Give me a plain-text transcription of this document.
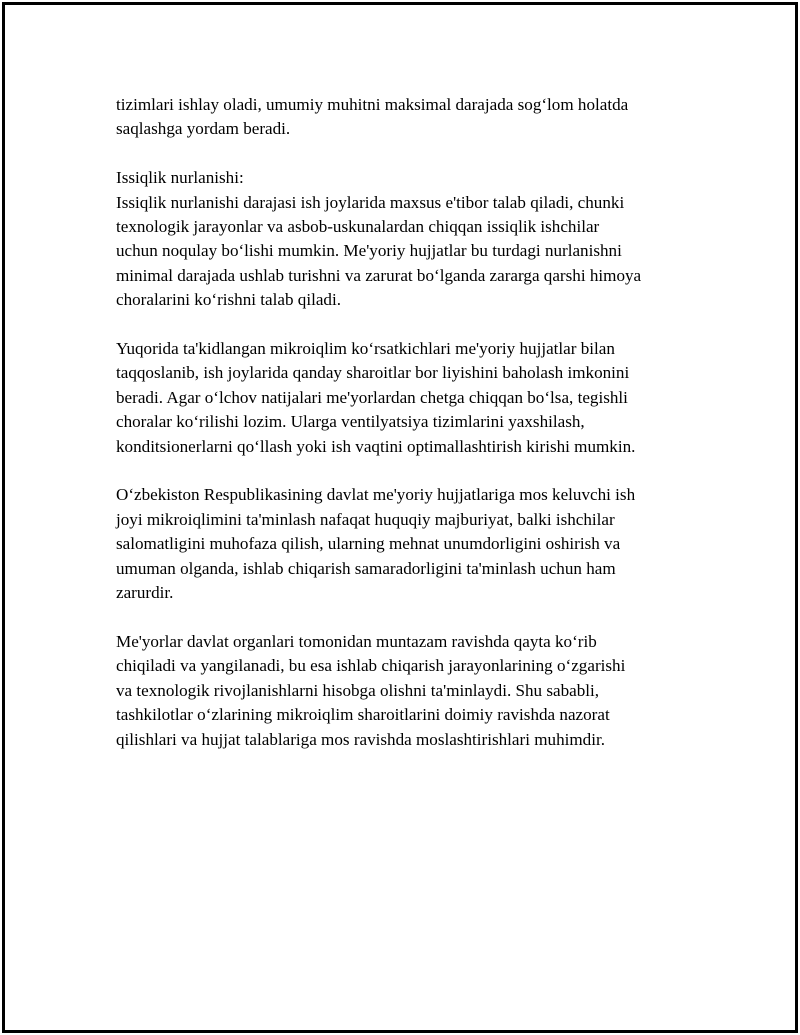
tizimlari ishlay oladi, umumiy muhitni maksimal darajada sog‘lom holatda
saqlashga yordam beradi.

Issiqlik nurlanishi:

Issiqlik nurlanishi darajasi ish joylarida maxsus e'tibor talab qiladi, chunki
texnologik jarayonlar va asbob-uskunalardan chiqqan issiqlik ishchilar
uchun noqulay bo‘lishi mumkin. Me'yoriy hujjatlar bu turdagi nurlanishni
minimal darajada ushlab turishni va zarurat bo‘lganda zararga qarshi himoya
choralarini ko‘rishni talab qiladi.

Yuqorida ta'kidlangan mikroiqlim ko‘rsatkichlari me'yoriy hujjatlar bilan
taqqoslanib, ish joylarida qanday sharoitlar bor liyishini baholash imkonini
beradi. Agar o‘lchov natijalari me'yorlardan chetga chiqqan bo‘lsa, tegishli
choralar ko‘rilishi lozim. Ularga ventilyatsiya tizimlarini yaxshilash,
konditsionerlarni qo‘llash yoki ish vaqtini optimallashtirish kirishi mumkin.

O‘zbekiston Respublikasining davlat me'yoriy hujjatlariga mos keluvchi ish
joyi mikroiqlimini ta'minlash nafaqat huquqiy majburiyat, balki ishchilar
salomatligini muhofaza qilish, ularning mehnat unumdorligini oshirish va
umuman olganda, ishlab chiqarish samaradorligini ta'minlash uchun ham
zarurdir.

Me'yorlar davlat organlari tomonidan muntazam ravishda qayta ko‘rib
chiqiladi va yangilanadi, bu esa ishlab chiqarish jarayonlarining o‘zgarishi
va texnologik rivojlanishlarni hisobga olishni ta'minlaydi. Shu sababli,
tashkilotlar o‘zlarining mikroiqlim sharoitlarini doimiy ravishda nazorat
qilishlari va hujjat talablariga mos ravishda moslashtirishlari muhimdir.
